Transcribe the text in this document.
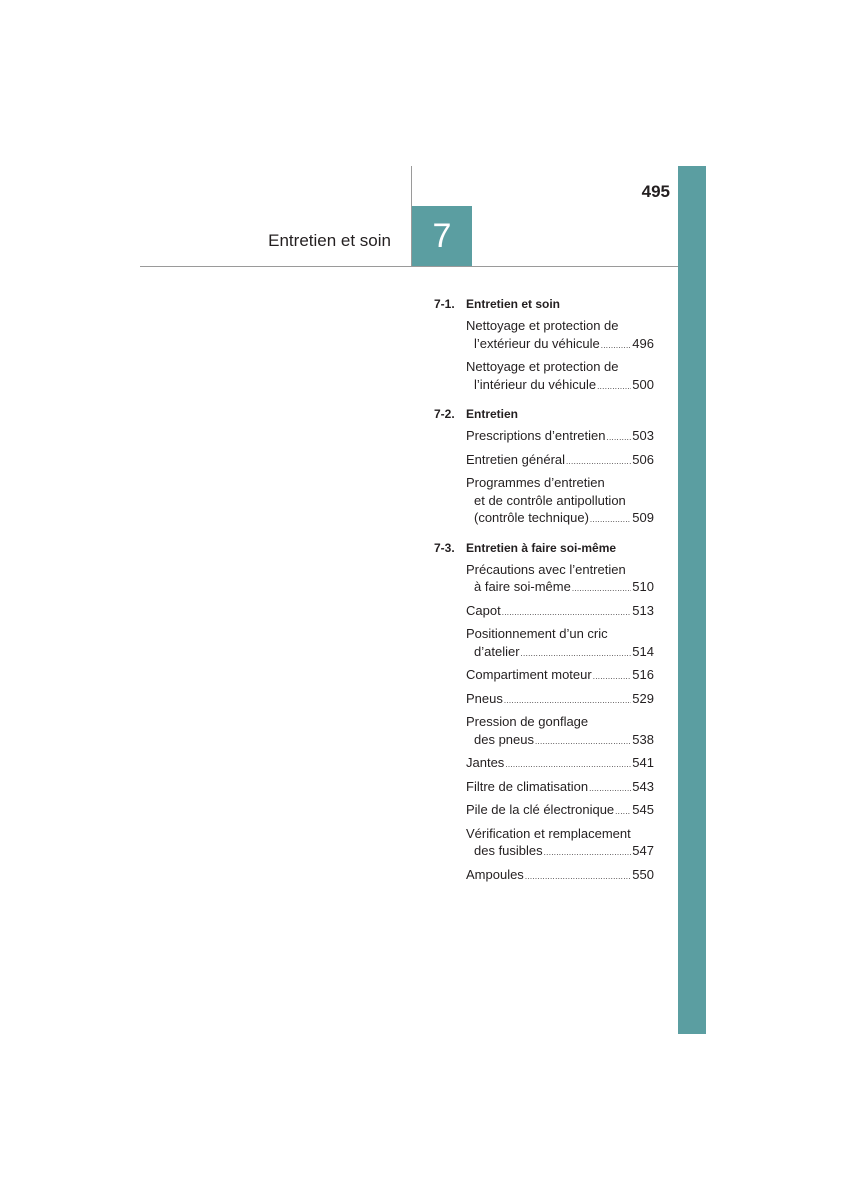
495
Entretien et soin	7
7-1. Entretien et soin
Nettoyage et protection de
l’extérieur du véhicule .....	496
Nettoyage et protection de
l’intérieur du véhicule .....	500
7-2. Entretien
Prescriptions d’entretien ..... 503
Entretien général .....	506
Programmes d’entretien
et de contrôle antipollution
(contrôle technique) .....	509
7-3. Entretien à faire soi-même
Précautions avec l’entretien
à faire soi-même .....	510
Capot .....	513
Positionnement d’un cric
d’atelier .....	514
Compartiment moteur .....	516
Pneus .....	529
Pression de gonflage
des pneus .....	538
Jantes .....	541
Filtre de climatisation .....	543
Pile de la clé électronique ..... 545
Vérification et remplacement
des fusibles .....	547
Ampoules .....	550
